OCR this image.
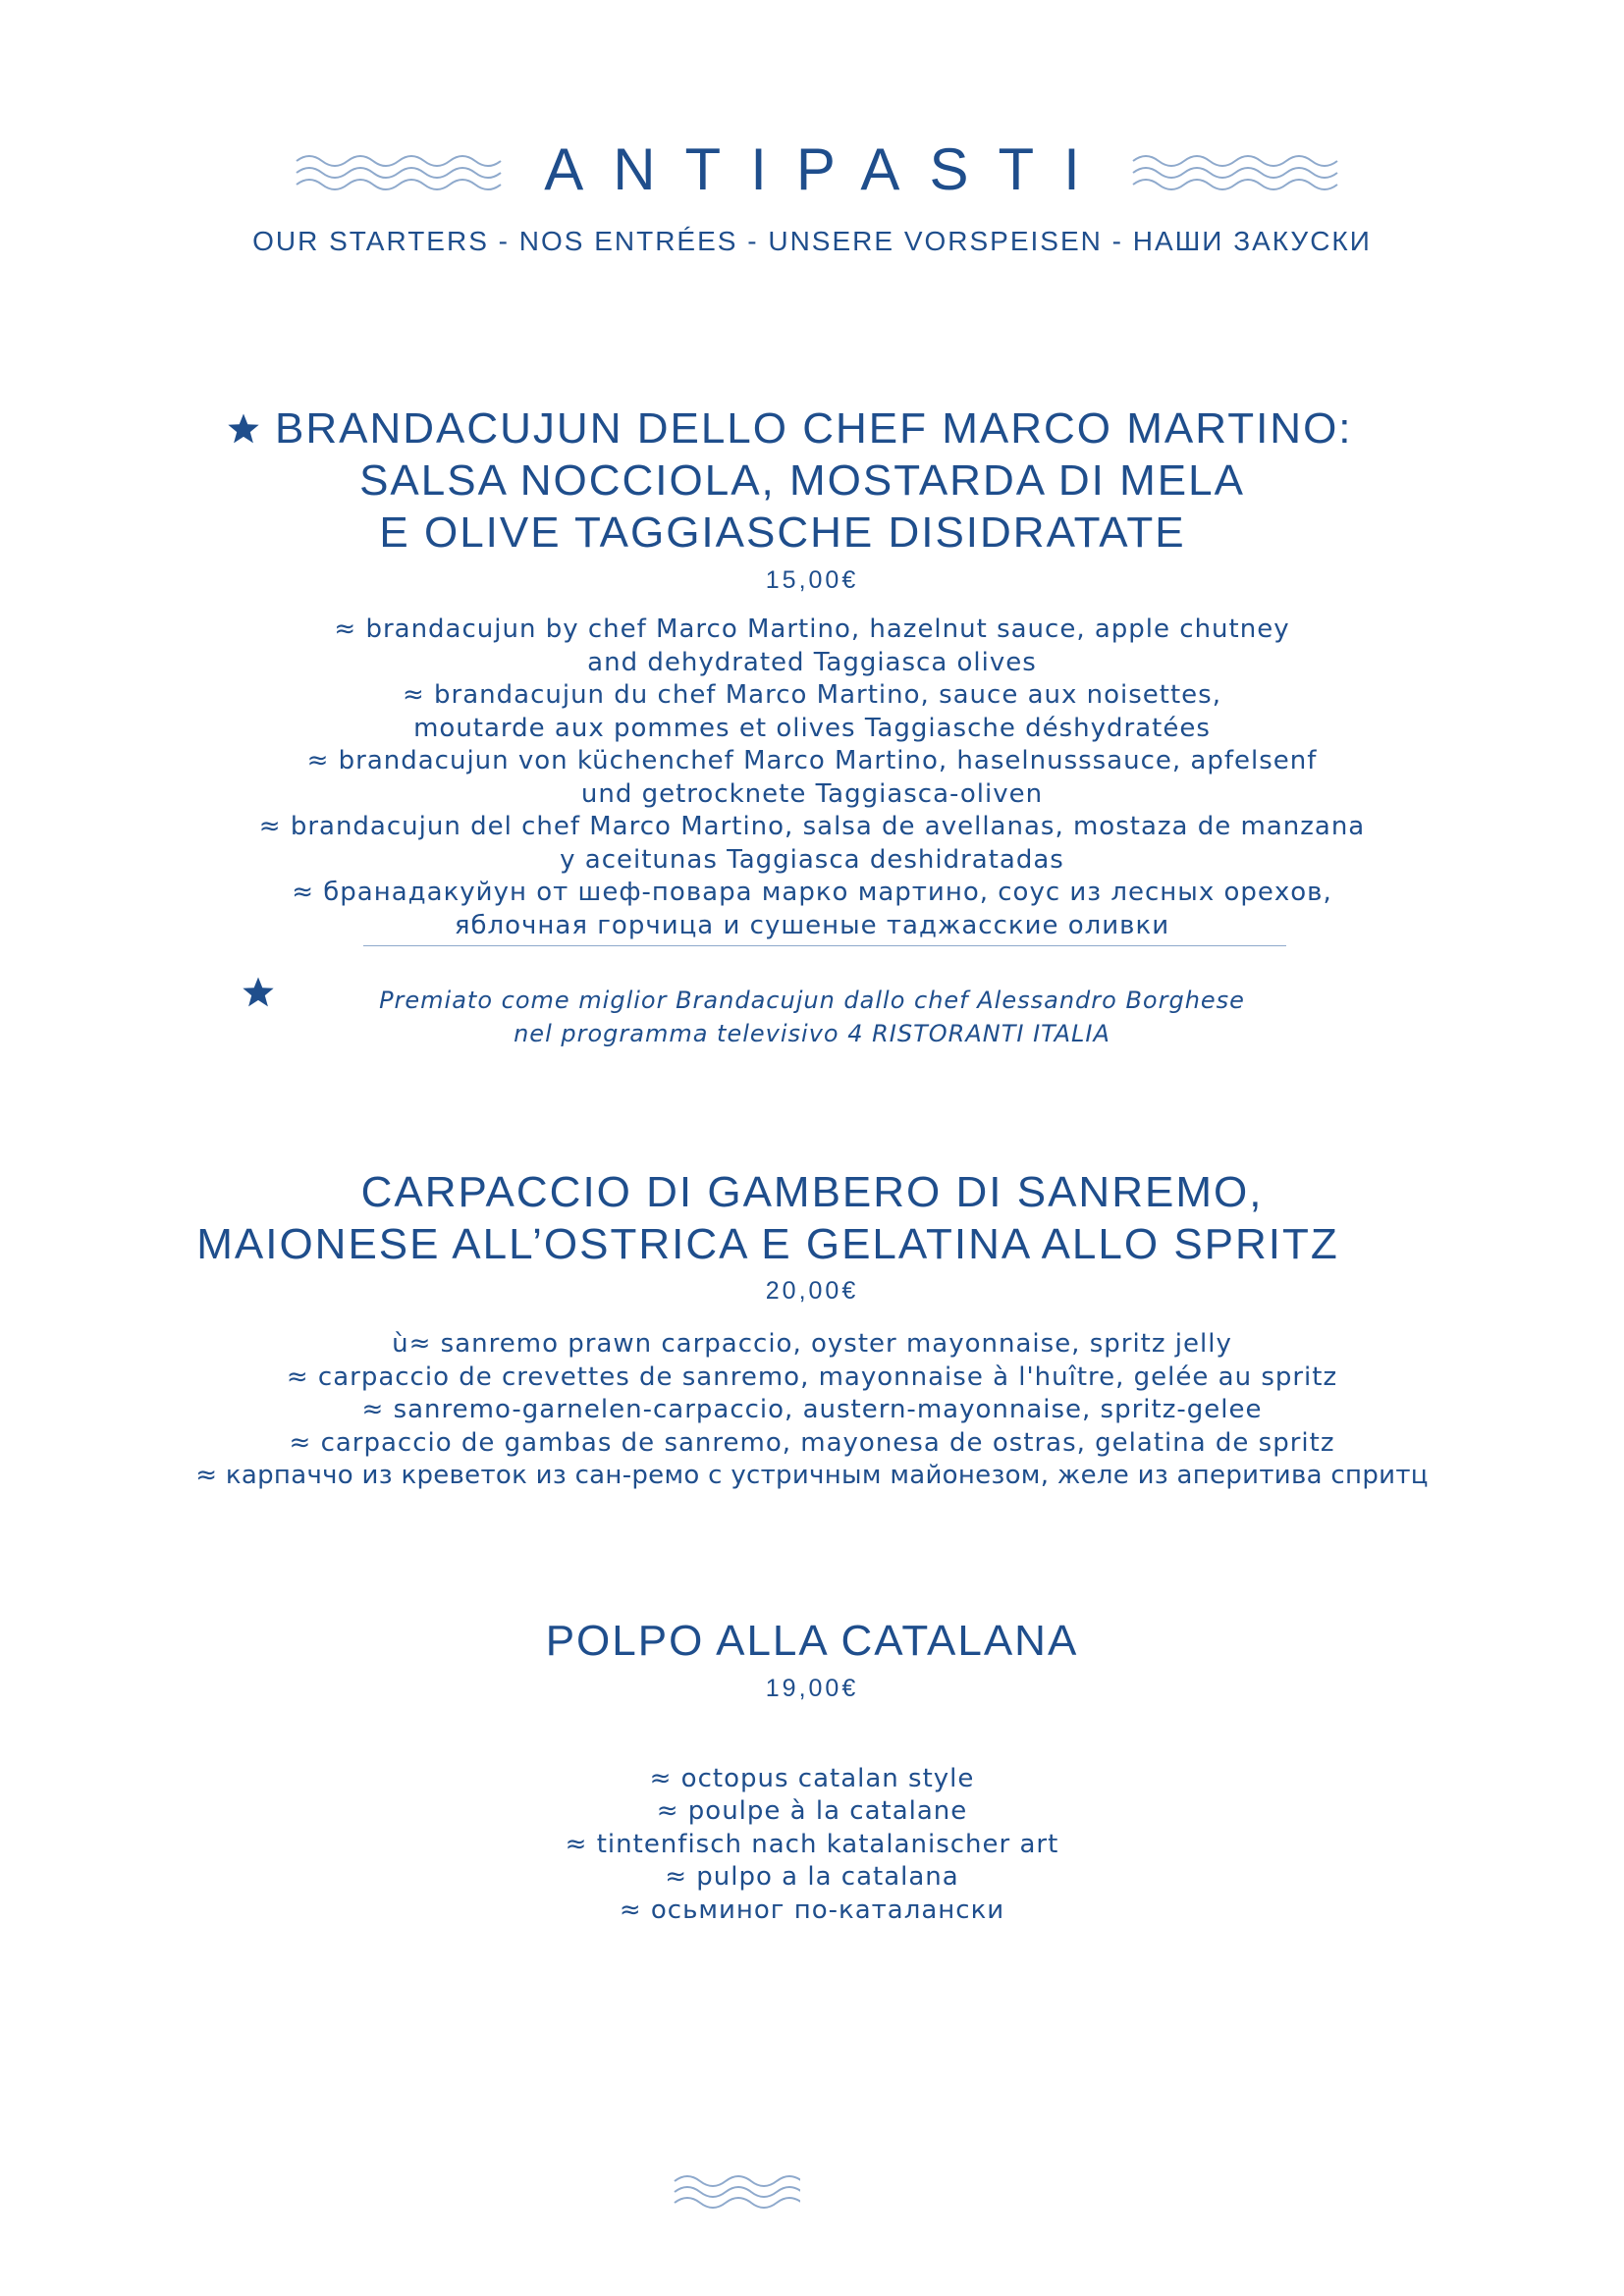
ANTIPASTI
OUR STARTERS - NOS ENTRÉES - UNSERE VORSPEISEN - НАШИ ЗАКУСКИ
BRANDACUJUN DELLO CHEF MARCO MARTINO:
SALSA NOCCIOLA, MOSTARDA DI MELA
E OLIVE TAGGIASCHE DISIDRATATE
15,00€
≈ brandacujun by chef Marco Martino, hazelnut sauce, apple chutney
and dehydrated Taggiasca olives
≈ brandacujun du chef Marco Martino, sauce aux noisettes,
moutarde aux pommes et olives Taggiasche déshydratées
≈ brandacujun von küchenchef Marco Martino, haselnusssauce, apfelsenf
und getrocknete Taggiasca-oliven
≈ brandacujun del chef Marco Martino, salsa de avellanas, mostaza de manzana
y aceitunas Taggiasca deshidratadas
≈ бранадакуйун от шеф-повара марко мартино, соус из лесных орехов,
яблочная горчица и сушеные таджасские оливки
Premiato come miglior Brandacujun dallo chef Alessandro Borghese
nel programma televisivo 4 RISTORANTI ITALIA
CARPACCIO DI GAMBERO DI SANREMO,
MAIONESE ALL’OSTRICA E GELATINA ALLO SPRITZ
20,00€
ù≈ sanremo prawn carpaccio, oyster mayonnaise, spritz jelly
≈ carpaccio de crevettes de sanremo, mayonnaise à l'huître, gelée au spritz
≈ sanremo-garnelen-carpaccio, austern-mayonnaise, spritz-gelee
≈ carpaccio de gambas de sanremo, mayonesa de ostras, gelatina de spritz
≈ карпаччо из креветок из сан-ремо с устричным майонезом, желе из аперитива спритц
POLPO ALLA CATALANA
19,00€
≈ octopus catalan style
≈ poulpe à la catalane
≈ tintenfisch nach katalanischer art
≈ pulpo a la catalana
≈ осьминог по-каталански
